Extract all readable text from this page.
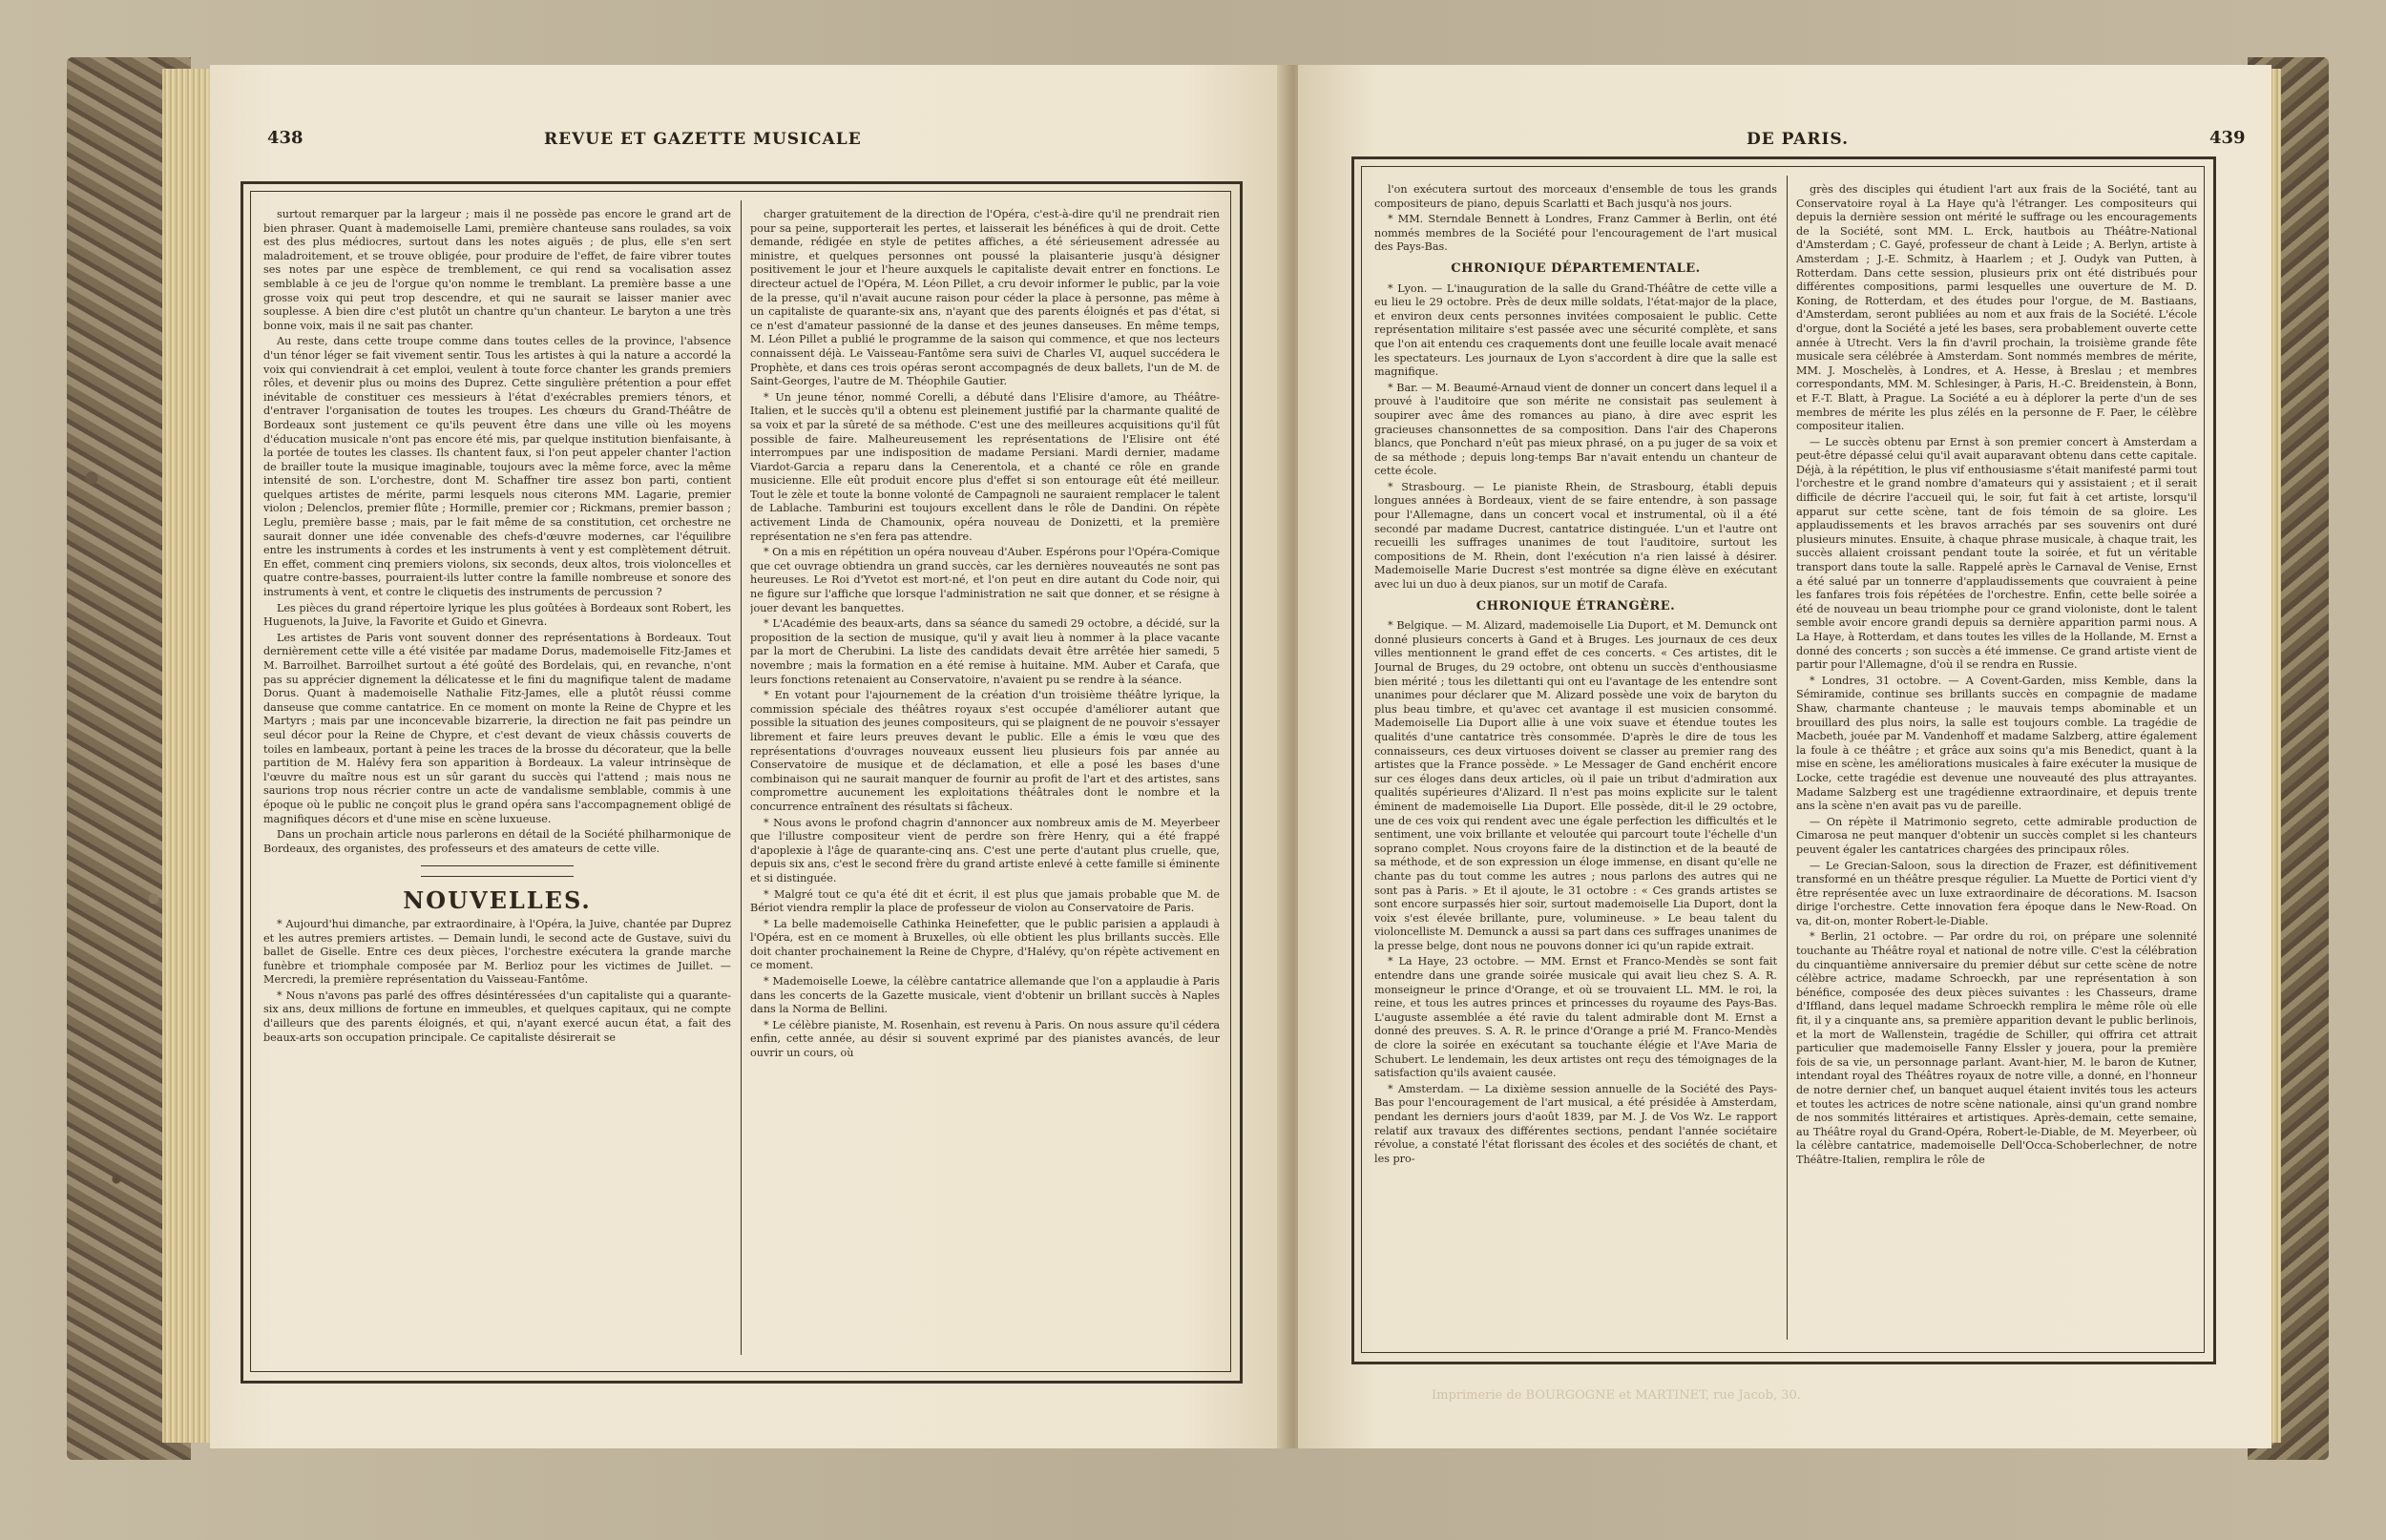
438	REVUE ET GAZETTE MUSICALE

surtout remarquer par la largeur ; mais il ne possède pas encore le grand art de bien phraser. Quant à mademoiselle Lami, première chanteuse sans roulades, sa voix est des plus médiocres, surtout dans les notes aiguës ; de plus, elle s'en sert maladroitement, et se trouve obligée, pour produire de l'effet, de faire vibrer toutes ses notes par une espèce de tremblement, ce qui rend sa vocalisation assez semblable à ce jeu de l'orgue qu'on nomme le tremblant. La première basse a une grosse voix qui peut trop descendre, et qui ne saurait se laisser manier avec souplesse. A bien dire c'est plutôt un chantre qu'un chanteur. Le baryton a une très bonne voix, mais il ne sait pas chanter.

Au reste, dans cette troupe comme dans toutes celles de la province, l'absence d'un ténor léger se fait vivement sentir. Tous les artistes à qui la nature a accordé la voix qui conviendrait à cet emploi, veulent à toute force chanter les grands premiers rôles, et devenir plus ou moins des Duprez. Cette singulière prétention a pour effet inévitable de constituer ces messieurs à l'état d'exécrables premiers ténors, et d'entraver l'organisation de toutes les troupes. Les chœurs du Grand-Théâtre de Bordeaux sont justement ce qu'ils peuvent être dans une ville où les moyens d'éducation musicale n'ont pas encore été mis, par quelque institution bienfaisante, à la portée de toutes les classes. Ils chantent faux, si l'on peut appeler chanter l'action de brailler toute la musique imaginable, toujours avec la même force, avec la même intensité de son. L'orchestre, dont M. Schaffner tire assez bon parti, contient quelques artistes de mérite, parmi lesquels nous citerons MM. Lagarie, premier violon ; Delenclos, premier flûte ; Hormille, premier cor ; Rickmans, premier basson ; Leglu, première basse ; mais, par le fait même de sa constitution, cet orchestre ne saurait donner une idée convenable des chefs-d'œuvre modernes, car l'équilibre entre les instruments à cordes et les instruments à vent y est complètement détruit. En effet, comment cinq premiers violons, six seconds, deux altos, trois violoncelles et quatre contre-basses, pourraient-ils lutter contre la famille nombreuse et sonore des instruments à vent, et contre le cliquetis des instruments de percussion ?

Les pièces du grand répertoire lyrique les plus goûtées à Bordeaux sont Robert, les Huguenots, la Juive, la Favorite et Guido et Ginevra.

Les artistes de Paris vont souvent donner des représentations à Bordeaux. Tout dernièrement cette ville a été visitée par madame Dorus, mademoiselle Fitz-James et M. Barroilhet. Barroilhet surtout a été goûté des Bordelais, qui, en revanche, n'ont pas su apprécier dignement la délicatesse et le fini du magnifique talent de madame Dorus. Quant à mademoiselle Nathalie Fitz-James, elle a plutôt réussi comme danseuse que comme cantatrice. En ce moment on monte la Reine de Chypre et les Martyrs ; mais par une inconcevable bizarrerie, la direction ne fait pas peindre un seul décor pour la Reine de Chypre, et c'est devant de vieux châssis couverts de toiles en lambeaux, portant à peine les traces de la brosse du décorateur, que la belle partition de M. Halévy fera son apparition à Bordeaux. La valeur intrinsèque de l'œuvre du maître nous est un sûr garant du succès qui l'attend ; mais nous ne saurions trop nous récrier contre un acte de vandalisme semblable, commis à une époque où le public ne conçoit plus le grand opéra sans l'accompagnement obligé de magnifiques décors et d'une mise en scène luxueuse.

Dans un prochain article nous parlerons en détail de la Société philharmonique de Bordeaux, des organistes, des professeurs et des amateurs de cette ville.

NOUVELLES.

* Aujourd'hui dimanche, par extraordinaire, à l'Opéra, la Juive, chantée par Duprez et les autres premiers artistes. — Demain lundi, le second acte de Gustave, suivi du ballet de Giselle. Entre ces deux pièces, l'orchestre exécutera la grande marche funèbre et triomphale composée par M. Berlioz pour les victimes de Juillet. — Mercredi, la première représentation du Vaisseau-Fantôme.

* Nous n'avons pas parlé des offres désintéressées d'un capitaliste qui a quarante-six ans, deux millions de fortune en immeubles, et quelques capitaux, qui ne compte d'ailleurs que des parents éloignés, et qui, n'ayant exercé aucun état, a fait des beaux-arts son occupation principale. Ce capitaliste désirerait se

charger gratuitement de la direction de l'Opéra, c'est-à-dire qu'il ne prendrait rien pour sa peine, supporterait les pertes, et laisserait les bénéfices à qui de droit. Cette demande, rédigée en style de petites affiches, a été sérieusement adressée au ministre, et quelques personnes ont poussé la plaisanterie jusqu'à désigner positivement le jour et l'heure auxquels le capitaliste devait entrer en fonctions. Le directeur actuel de l'Opéra, M. Léon Pillet, a cru devoir informer le public, par la voie de la presse, qu'il n'avait aucune raison pour céder la place à personne, pas même à un capitaliste de quarante-six ans, n'ayant que des parents éloignés et pas d'état, si ce n'est d'amateur passionné de la danse et des jeunes danseuses. En même temps, M. Léon Pillet a publié le programme de la saison qui commence, et que nos lecteurs connaissent déjà. Le Vaisseau-Fantôme sera suivi de Charles VI, auquel succédera le Prophète, et dans ces trois opéras seront accompagnés de deux ballets, l'un de M. de Saint-Georges, l'autre de M. Théophile Gautier.

* Un jeune ténor, nommé Corelli, a débuté dans l'Elisire d'amore, au Théâtre-Italien, et le succès qu'il a obtenu est pleinement justifié par la charmante qualité de sa voix et par la sûreté de sa méthode. C'est une des meilleures acquisitions qu'il fût possible de faire. Malheureusement les représentations de l'Elisire ont été interrompues par une indisposition de madame Persiani. Mardi dernier, madame Viardot-Garcia a reparu dans la Cenerentola, et a chanté ce rôle en grande musicienne. Elle eût produit encore plus d'effet si son entourage eût été meilleur. Tout le zèle et toute la bonne volonté de Campagnoli ne sauraient remplacer le talent de Lablache. Tamburini est toujours excellent dans le rôle de Dandini. On répète activement Linda de Chamounix, opéra nouveau de Donizetti, et la première représentation ne s'en fera pas attendre.

* On a mis en répétition un opéra nouveau d'Auber. Espérons pour l'Opéra-Comique que cet ouvrage obtiendra un grand succès, car les dernières nouveautés ne sont pas heureuses. Le Roi d'Yvetot est mort-né, et l'on peut en dire autant du Code noir, qui ne figure sur l'affiche que lorsque l'administration ne sait que donner, et se résigne à jouer devant les banquettes.

* L'Académie des beaux-arts, dans sa séance du samedi 29 octobre, a décidé, sur la proposition de la section de musique, qu'il y avait lieu à nommer à la place vacante par la mort de Cherubini. La liste des candidats devait être arrêtée hier samedi, 5 novembre ; mais la formation en a été remise à huitaine. MM. Auber et Carafa, que leurs fonctions retenaient au Conservatoire, n'avaient pu se rendre à la séance.

* En votant pour l'ajournement de la création d'un troisième théâtre lyrique, la commission spéciale des théâtres royaux s'est occupée d'améliorer autant que possible la situation des jeunes compositeurs, qui se plaignent de ne pouvoir s'essayer librement et faire leurs preuves devant le public. Elle a émis le vœu que des représentations d'ouvrages nouveaux eussent lieu plusieurs fois par année au Conservatoire de musique et de déclamation, et elle a posé les bases d'une combinaison qui ne saurait manquer de fournir au profit de l'art et des artistes, sans compromettre aucunement les exploitations théâtrales dont le nombre et la concurrence entraînent des résultats si fâcheux.

* Nous avons le profond chagrin d'annoncer aux nombreux amis de M. Meyerbeer que l'illustre compositeur vient de perdre son frère Henry, qui a été frappé d'apoplexie à l'âge de quarante-cinq ans. C'est une perte d'autant plus cruelle, que, depuis six ans, c'est le second frère du grand artiste enlevé à cette famille si éminente et si distinguée.

* Malgré tout ce qu'a été dit et écrit, il est plus que jamais probable que M. de Bériot viendra remplir la place de professeur de violon au Conservatoire de Paris.

* La belle mademoiselle Cathinka Heinefetter, que le public parisien a applaudi à l'Opéra, est en ce moment à Bruxelles, où elle obtient les plus brillants succès. Elle doit chanter prochainement la Reine de Chypre, d'Halévy, qu'on répète activement en ce moment.

* Mademoiselle Loewe, la célèbre cantatrice allemande que l'on a applaudie à Paris dans les concerts de la Gazette musicale, vient d'obtenir un brillant succès à Naples dans la Norma de Bellini.

* Le célèbre pianiste, M. Rosenhain, est revenu à Paris. On nous assure qu'il cédera enfin, cette année, au désir si souvent exprimé par des pianistes avancés, de leur ouvrir un cours, où

DE PARIS.	439

l'on exécutera surtout des morceaux d'ensemble de tous les grands compositeurs de piano, depuis Scarlatti et Bach jusqu'à nos jours.

* MM. Sterndale Bennett à Londres, Franz Cammer à Berlin, ont été nommés membres de la Société pour l'encouragement de l'art musical des Pays-Bas.

CHRONIQUE DÉPARTEMENTALE.

* Lyon. — L'inauguration de la salle du Grand-Théâtre de cette ville a eu lieu le 29 octobre. Près de deux mille soldats, l'état-major de la place, et environ deux cents personnes invitées composaient le public. Cette représentation militaire s'est passée avec une sécurité complète, et sans que l'on ait entendu ces craquements dont une feuille locale avait menacé les spectateurs. Les journaux de Lyon s'accordent à dire que la salle est magnifique.

* Bar. — M. Beaumé-Arnaud vient de donner un concert dans lequel il a prouvé à l'auditoire que son mérite ne consistait pas seulement à soupirer avec âme des romances au piano, à dire avec esprit les gracieuses chansonnettes de sa composition. Dans l'air des Chaperons blancs, que Ponchard n'eût pas mieux phrasé, on a pu juger de sa voix et de sa méthode ; depuis long-temps Bar n'avait entendu un chanteur de cette école.

* Strasbourg. — Le pianiste Rhein, de Strasbourg, établi depuis longues années à Bordeaux, vient de se faire entendre, à son passage pour l'Allemagne, dans un concert vocal et instrumental, où il a été secondé par madame Ducrest, cantatrice distinguée. L'un et l'autre ont recueilli les suffrages unanimes de tout l'auditoire, surtout les compositions de M. Rhein, dont l'exécution n'a rien laissé à désirer. Mademoiselle Marie Ducrest s'est montrée sa digne élève en exécutant avec lui un duo à deux pianos, sur un motif de Carafa.

CHRONIQUE ÉTRANGÈRE.

* Belgique. — M. Alizard, mademoiselle Lia Duport, et M. Demunck ont donné plusieurs concerts à Gand et à Bruges. Les journaux de ces deux villes mentionnent le grand effet de ces concerts. « Ces artistes, dit le Journal de Bruges, du 29 octobre, ont obtenu un succès d'enthousiasme bien mérité ; tous les dilettanti qui ont eu l'avantage de les entendre sont unanimes pour déclarer que M. Alizard possède une voix de baryton du plus beau timbre, et qu'avec cet avantage il est musicien consommé. Mademoiselle Lia Duport allie à une voix suave et étendue toutes les qualités d'une cantatrice très consommée. D'après le dire de tous les connaisseurs, ces deux virtuoses doivent se classer au premier rang des artistes que la France possède. » Le Messager de Gand enchérit encore sur ces éloges dans deux articles, où il paie un tribut d'admiration aux qualités supérieures d'Alizard. Il n'est pas moins explicite sur le talent éminent de mademoiselle Lia Duport. Elle possède, dit-il le 29 octobre, une de ces voix qui rendent avec une égale perfection les difficultés et le sentiment, une voix brillante et veloutée qui parcourt toute l'échelle d'un soprano complet. Nous croyons faire de la distinction et de la beauté de sa méthode, et de son expression un éloge immense, en disant qu'elle ne chante pas du tout comme les autres ; nous parlons des autres qui ne sont pas à Paris. » Et il ajoute, le 31 octobre : « Ces grands artistes se sont encore surpassés hier soir, surtout mademoiselle Lia Duport, dont la voix s'est élevée brillante, pure, volumineuse. » Le beau talent du violoncelliste M. Demunck a aussi sa part dans ces suffrages unanimes de la presse belge, dont nous ne pouvons donner ici qu'un rapide extrait.

* La Haye, 23 octobre. — MM. Ernst et Franco-Mendès se sont fait entendre dans une grande soirée musicale qui avait lieu chez S. A. R. monseigneur le prince d'Orange, et où se trouvaient LL. MM. le roi, la reine, et tous les autres princes et princesses du royaume des Pays-Bas. L'auguste assemblée a été ravie du talent admirable dont M. Ernst a donné des preuves. S. A. R. le prince d'Orange a prié M. Franco-Mendès de clore la soirée en exécutant sa touchante élégie et l'Ave Maria de Schubert. Le lendemain, les deux artistes ont reçu des témoignages de la satisfaction qu'ils avaient causée.

* Amsterdam. — La dixième session annuelle de la Société des Pays-Bas pour l'encouragement de l'art musical, a été présidée à Amsterdam, pendant les derniers jours d'août 1839, par M. J. de Vos Wz. Le rapport relatif aux travaux des différentes sections, pendant l'année sociétaire révolue, a constaté l'état florissant des écoles et des sociétés de chant, et les pro-

grès des disciples qui étudient l'art aux frais de la Société, tant au Conservatoire royal à La Haye qu'à l'étranger. Les compositeurs qui depuis la dernière session ont mérité le suffrage ou les encouragements de la Société, sont MM. L. Erck, hautbois au Théâtre-National d'Amsterdam ; C. Gayé, professeur de chant à Leide ; A. Berlyn, artiste à Amsterdam ; J.-E. Schmitz, à Haarlem ; et J. Oudyk van Putten, à Rotterdam. Dans cette session, plusieurs prix ont été distribués pour différentes compositions, parmi lesquelles une ouverture de M. D. Koning, de Rotterdam, et des études pour l'orgue, de M. Bastiaans, d'Amsterdam, seront publiées au nom et aux frais de la Société. L'école d'orgue, dont la Société a jeté les bases, sera probablement ouverte cette année à Utrecht. Vers la fin d'avril prochain, la troisième grande fête musicale sera célébrée à Amsterdam. Sont nommés membres de mérite, MM. J. Moschelès, à Londres, et A. Hesse, à Breslau ; et membres correspondants, MM. M. Schlesinger, à Paris, H.-C. Breidenstein, à Bonn, et F.-T. Blatt, à Prague. La Société a eu à déplorer la perte d'un de ses membres de mérite les plus zélés en la personne de F. Paer, le célèbre compositeur italien.

— Le succès obtenu par Ernst à son premier concert à Amsterdam a peut-être dépassé celui qu'il avait auparavant obtenu dans cette capitale. Déjà, à la répétition, le plus vif enthousiasme s'était manifesté parmi tout l'orchestre et le grand nombre d'amateurs qui y assistaient ; et il serait difficile de décrire l'accueil qui, le soir, fut fait à cet artiste, lorsqu'il apparut sur cette scène, tant de fois témoin de sa gloire. Les applaudissements et les bravos arrachés par ses souvenirs ont duré plusieurs minutes. Ensuite, à chaque phrase musicale, à chaque trait, les succès allaient croissant pendant toute la soirée, et fut un véritable transport dans toute la salle. Rappelé après le Carnaval de Venise, Ernst a été salué par un tonnerre d'applaudissements que couvraient à peine les fanfares trois fois répétées de l'orchestre. Enfin, cette belle soirée a été de nouveau un beau triomphe pour ce grand violoniste, dont le talent semble avoir encore grandi depuis sa dernière apparition parmi nous. A La Haye, à Rotterdam, et dans toutes les villes de la Hollande, M. Ernst a donné des concerts ; son succès a été immense. Ce grand artiste vient de partir pour l'Allemagne, d'où il se rendra en Russie.

* Londres, 31 octobre. — A Covent-Garden, miss Kemble, dans la Sémiramide, continue ses brillants succès en compagnie de madame Shaw, charmante chanteuse ; le mauvais temps abominable et un brouillard des plus noirs, la salle est toujours comble. La tragédie de Macbeth, jouée par M. Vandenhoff et madame Salzberg, attire également la foule à ce théâtre ; et grâce aux soins qu'a mis Benedict, quant à la mise en scène, les améliorations musicales à faire exécuter la musique de Locke, cette tragédie est devenue une nouveauté des plus attrayantes. Madame Salzberg est une tragédienne extraordinaire, et depuis trente ans la scène n'en avait pas vu de pareille.

— On répète il Matrimonio segreto, cette admirable production de Cimarosa ne peut manquer d'obtenir un succès complet si les chanteurs peuvent égaler les cantatrices chargées des principaux rôles.

— Le Grecian-Saloon, sous la direction de Frazer, est définitivement transformé en un théâtre presque régulier. La Muette de Portici vient d'y être représentée avec un luxe extraordinaire de décorations. M. Isacson dirige l'orchestre. Cette innovation fera époque dans le New-Road. On va, dit-on, monter Robert-le-Diable.

* Berlin, 21 octobre. — Par ordre du roi, on prépare une solennité touchante au Théâtre royal et national de notre ville. C'est la célébration du cinquantième anniversaire du premier début sur cette scène de notre célèbre actrice, madame Schroeckh, par une représentation à son bénéfice, composée des deux pièces suivantes : les Chasseurs, drame d'Iffland, dans lequel madame Schroeckh remplira le même rôle où elle fit, il y a cinquante ans, sa première apparition devant le public berlinois, et la mort de Wallenstein, tragédie de Schiller, qui offrira cet attrait particulier que mademoiselle Fanny Elssler y jouera, pour la première fois de sa vie, un personnage parlant. Avant-hier, M. le baron de Kutner, intendant royal des Théâtres royaux de notre ville, a donné, en l'honneur de notre dernier chef, un banquet auquel étaient invités tous les acteurs et toutes les actrices de notre scène nationale, ainsi qu'un grand nombre de nos sommités littéraires et artistiques. Après-demain, cette semaine, au Théâtre royal du Grand-Opéra, Robert-le-Diable, de M. Meyerbeer, où la célèbre cantatrice, mademoiselle Dell'Occa-Schoberlechner, de notre Théâtre-Italien, remplira le rôle de

Imprimerie de BOURGOGNE et MARTINET, rue Jacob, 30.
